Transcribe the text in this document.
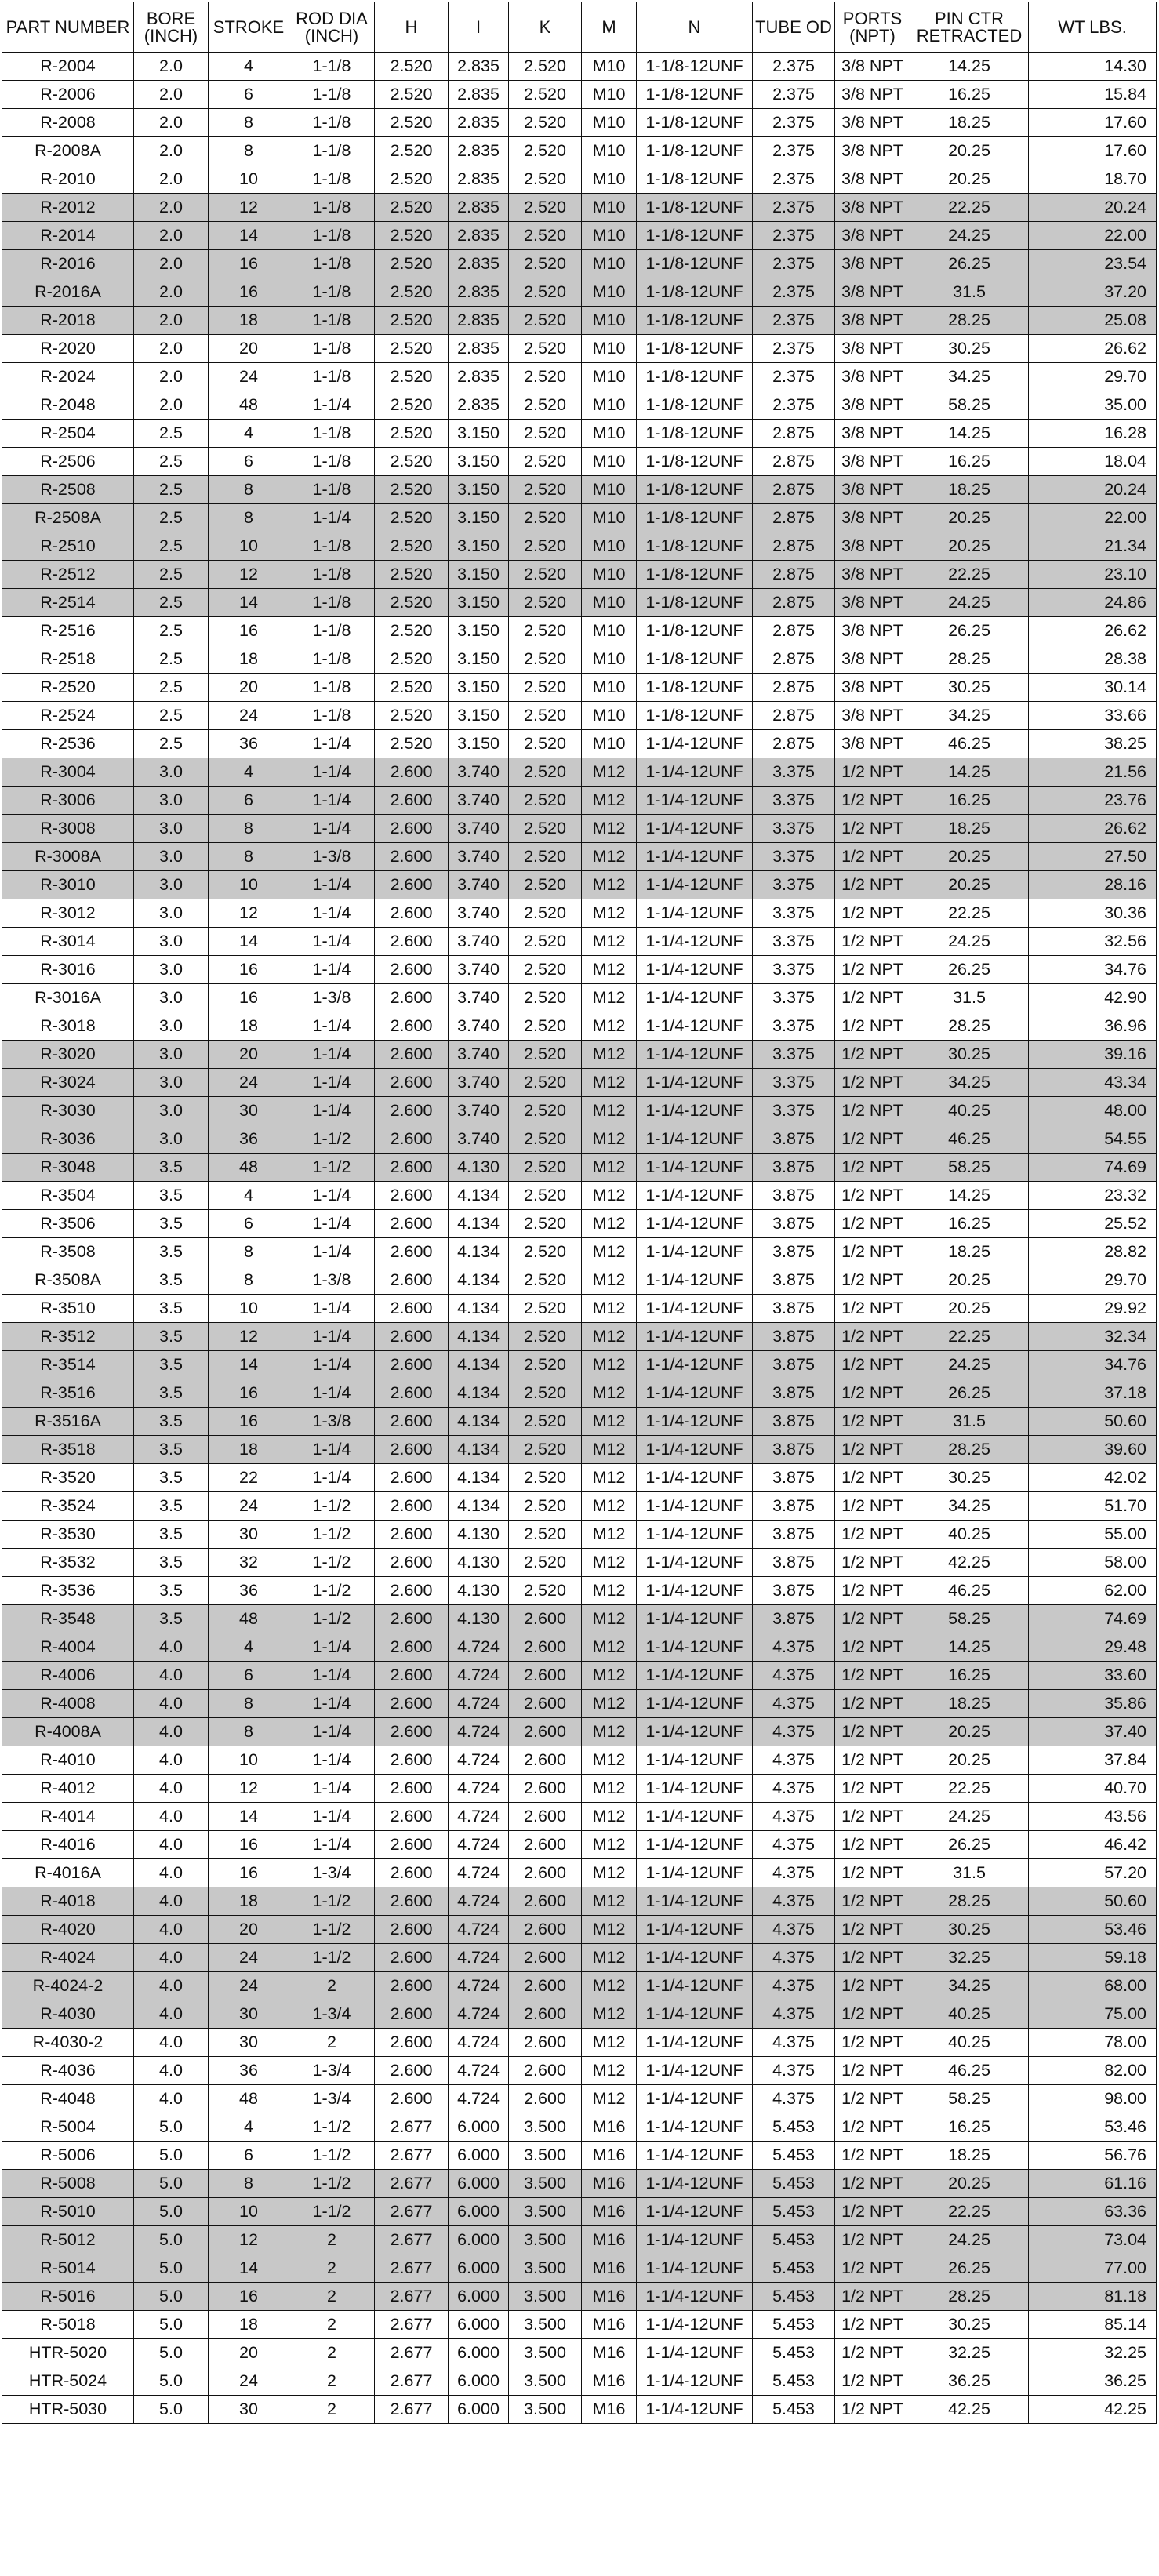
PART NUMBER	BORE (INCH)	STROKE	ROD DIA (INCH)	H	I	K	M	N	TUBE OD	PORTS (NPT)	PIN CTR RETRACTED	WT LBS.
R-2004	2.0	4	1-1/8	2.520	2.835	2.520	M10	1-1/8-12UNF	2.375	3/8 NPT	14.25	14.30
R-2006	2.0	6	1-1/8	2.520	2.835	2.520	M10	1-1/8-12UNF	2.375	3/8 NPT	16.25	15.84
R-2008	2.0	8	1-1/8	2.520	2.835	2.520	M10	1-1/8-12UNF	2.375	3/8 NPT	18.25	17.60
R-2008A	2.0	8	1-1/8	2.520	2.835	2.520	M10	1-1/8-12UNF	2.375	3/8 NPT	20.25	17.60
R-2010	2.0	10	1-1/8	2.520	2.835	2.520	M10	1-1/8-12UNF	2.375	3/8 NPT	20.25	18.70
R-2012	2.0	12	1-1/8	2.520	2.835	2.520	M10	1-1/8-12UNF	2.375	3/8 NPT	22.25	20.24
R-2014	2.0	14	1-1/8	2.520	2.835	2.520	M10	1-1/8-12UNF	2.375	3/8 NPT	24.25	22.00
R-2016	2.0	16	1-1/8	2.520	2.835	2.520	M10	1-1/8-12UNF	2.375	3/8 NPT	26.25	23.54
R-2016A	2.0	16	1-1/8	2.520	2.835	2.520	M10	1-1/8-12UNF	2.375	3/8 NPT	31.5	37.20
R-2018	2.0	18	1-1/8	2.520	2.835	2.520	M10	1-1/8-12UNF	2.375	3/8 NPT	28.25	25.08
R-2020	2.0	20	1-1/8	2.520	2.835	2.520	M10	1-1/8-12UNF	2.375	3/8 NPT	30.25	26.62
R-2024	2.0	24	1-1/8	2.520	2.835	2.520	M10	1-1/8-12UNF	2.375	3/8 NPT	34.25	29.70
R-2048	2.0	48	1-1/4	2.520	2.835	2.520	M10	1-1/8-12UNF	2.375	3/8 NPT	58.25	35.00
R-2504	2.5	4	1-1/8	2.520	3.150	2.520	M10	1-1/8-12UNF	2.875	3/8 NPT	14.25	16.28
R-2506	2.5	6	1-1/8	2.520	3.150	2.520	M10	1-1/8-12UNF	2.875	3/8 NPT	16.25	18.04
R-2508	2.5	8	1-1/8	2.520	3.150	2.520	M10	1-1/8-12UNF	2.875	3/8 NPT	18.25	20.24
R-2508A	2.5	8	1-1/4	2.520	3.150	2.520	M10	1-1/8-12UNF	2.875	3/8 NPT	20.25	22.00
R-2510	2.5	10	1-1/8	2.520	3.150	2.520	M10	1-1/8-12UNF	2.875	3/8 NPT	20.25	21.34
R-2512	2.5	12	1-1/8	2.520	3.150	2.520	M10	1-1/8-12UNF	2.875	3/8 NPT	22.25	23.10
R-2514	2.5	14	1-1/8	2.520	3.150	2.520	M10	1-1/8-12UNF	2.875	3/8 NPT	24.25	24.86
R-2516	2.5	16	1-1/8	2.520	3.150	2.520	M10	1-1/8-12UNF	2.875	3/8 NPT	26.25	26.62
R-2518	2.5	18	1-1/8	2.520	3.150	2.520	M10	1-1/8-12UNF	2.875	3/8 NPT	28.25	28.38
R-2520	2.5	20	1-1/8	2.520	3.150	2.520	M10	1-1/8-12UNF	2.875	3/8 NPT	30.25	30.14
R-2524	2.5	24	1-1/8	2.520	3.150	2.520	M10	1-1/8-12UNF	2.875	3/8 NPT	34.25	33.66
R-2536	2.5	36	1-1/4	2.520	3.150	2.520	M10	1-1/4-12UNF	2.875	3/8 NPT	46.25	38.25
R-3004	3.0	4	1-1/4	2.600	3.740	2.520	M12	1-1/4-12UNF	3.375	1/2 NPT	14.25	21.56
R-3006	3.0	6	1-1/4	2.600	3.740	2.520	M12	1-1/4-12UNF	3.375	1/2 NPT	16.25	23.76
R-3008	3.0	8	1-1/4	2.600	3.740	2.520	M12	1-1/4-12UNF	3.375	1/2 NPT	18.25	26.62
R-3008A	3.0	8	1-3/8	2.600	3.740	2.520	M12	1-1/4-12UNF	3.375	1/2 NPT	20.25	27.50
R-3010	3.0	10	1-1/4	2.600	3.740	2.520	M12	1-1/4-12UNF	3.375	1/2 NPT	20.25	28.16
R-3012	3.0	12	1-1/4	2.600	3.740	2.520	M12	1-1/4-12UNF	3.375	1/2 NPT	22.25	30.36
R-3014	3.0	14	1-1/4	2.600	3.740	2.520	M12	1-1/4-12UNF	3.375	1/2 NPT	24.25	32.56
R-3016	3.0	16	1-1/4	2.600	3.740	2.520	M12	1-1/4-12UNF	3.375	1/2 NPT	26.25	34.76
R-3016A	3.0	16	1-3/8	2.600	3.740	2.520	M12	1-1/4-12UNF	3.375	1/2 NPT	31.5	42.90
R-3018	3.0	18	1-1/4	2.600	3.740	2.520	M12	1-1/4-12UNF	3.375	1/2 NPT	28.25	36.96
R-3020	3.0	20	1-1/4	2.600	3.740	2.520	M12	1-1/4-12UNF	3.375	1/2 NPT	30.25	39.16
R-3024	3.0	24	1-1/4	2.600	3.740	2.520	M12	1-1/4-12UNF	3.375	1/2 NPT	34.25	43.34
R-3030	3.0	30	1-1/4	2.600	3.740	2.520	M12	1-1/4-12UNF	3.375	1/2 NPT	40.25	48.00
R-3036	3.0	36	1-1/2	2.600	3.740	2.520	M12	1-1/4-12UNF	3.875	1/2 NPT	46.25	54.55
R-3048	3.5	48	1-1/2	2.600	4.130	2.520	M12	1-1/4-12UNF	3.875	1/2 NPT	58.25	74.69
R-3504	3.5	4	1-1/4	2.600	4.134	2.520	M12	1-1/4-12UNF	3.875	1/2 NPT	14.25	23.32
R-3506	3.5	6	1-1/4	2.600	4.134	2.520	M12	1-1/4-12UNF	3.875	1/2 NPT	16.25	25.52
R-3508	3.5	8	1-1/4	2.600	4.134	2.520	M12	1-1/4-12UNF	3.875	1/2 NPT	18.25	28.82
R-3508A	3.5	8	1-3/8	2.600	4.134	2.520	M12	1-1/4-12UNF	3.875	1/2 NPT	20.25	29.70
R-3510	3.5	10	1-1/4	2.600	4.134	2.520	M12	1-1/4-12UNF	3.875	1/2 NPT	20.25	29.92
R-3512	3.5	12	1-1/4	2.600	4.134	2.520	M12	1-1/4-12UNF	3.875	1/2 NPT	22.25	32.34
R-3514	3.5	14	1-1/4	2.600	4.134	2.520	M12	1-1/4-12UNF	3.875	1/2 NPT	24.25	34.76
R-3516	3.5	16	1-1/4	2.600	4.134	2.520	M12	1-1/4-12UNF	3.875	1/2 NPT	26.25	37.18
R-3516A	3.5	16	1-3/8	2.600	4.134	2.520	M12	1-1/4-12UNF	3.875	1/2 NPT	31.5	50.60
R-3518	3.5	18	1-1/4	2.600	4.134	2.520	M12	1-1/4-12UNF	3.875	1/2 NPT	28.25	39.60
R-3520	3.5	22	1-1/4	2.600	4.134	2.520	M12	1-1/4-12UNF	3.875	1/2 NPT	30.25	42.02
R-3524	3.5	24	1-1/2	2.600	4.134	2.520	M12	1-1/4-12UNF	3.875	1/2 NPT	34.25	51.70
R-3530	3.5	30	1-1/2	2.600	4.130	2.520	M12	1-1/4-12UNF	3.875	1/2 NPT	40.25	55.00
R-3532	3.5	32	1-1/2	2.600	4.130	2.520	M12	1-1/4-12UNF	3.875	1/2 NPT	42.25	58.00
R-3536	3.5	36	1-1/2	2.600	4.130	2.520	M12	1-1/4-12UNF	3.875	1/2 NPT	46.25	62.00
R-3548	3.5	48	1-1/2	2.600	4.130	2.600	M12	1-1/4-12UNF	3.875	1/2 NPT	58.25	74.69
R-4004	4.0	4	1-1/4	2.600	4.724	2.600	M12	1-1/4-12UNF	4.375	1/2 NPT	14.25	29.48
R-4006	4.0	6	1-1/4	2.600	4.724	2.600	M12	1-1/4-12UNF	4.375	1/2 NPT	16.25	33.60
R-4008	4.0	8	1-1/4	2.600	4.724	2.600	M12	1-1/4-12UNF	4.375	1/2 NPT	18.25	35.86
R-4008A	4.0	8	1-1/4	2.600	4.724	2.600	M12	1-1/4-12UNF	4.375	1/2 NPT	20.25	37.40
R-4010	4.0	10	1-1/4	2.600	4.724	2.600	M12	1-1/4-12UNF	4.375	1/2 NPT	20.25	37.84
R-4012	4.0	12	1-1/4	2.600	4.724	2.600	M12	1-1/4-12UNF	4.375	1/2 NPT	22.25	40.70
R-4014	4.0	14	1-1/4	2.600	4.724	2.600	M12	1-1/4-12UNF	4.375	1/2 NPT	24.25	43.56
R-4016	4.0	16	1-1/4	2.600	4.724	2.600	M12	1-1/4-12UNF	4.375	1/2 NPT	26.25	46.42
R-4016A	4.0	16	1-3/4	2.600	4.724	2.600	M12	1-1/4-12UNF	4.375	1/2 NPT	31.5	57.20
R-4018	4.0	18	1-1/2	2.600	4.724	2.600	M12	1-1/4-12UNF	4.375	1/2 NPT	28.25	50.60
R-4020	4.0	20	1-1/2	2.600	4.724	2.600	M12	1-1/4-12UNF	4.375	1/2 NPT	30.25	53.46
R-4024	4.0	24	1-1/2	2.600	4.724	2.600	M12	1-1/4-12UNF	4.375	1/2 NPT	32.25	59.18
R-4024-2	4.0	24	2	2.600	4.724	2.600	M12	1-1/4-12UNF	4.375	1/2 NPT	34.25	68.00
R-4030	4.0	30	1-3/4	2.600	4.724	2.600	M12	1-1/4-12UNF	4.375	1/2 NPT	40.25	75.00
R-4030-2	4.0	30	2	2.600	4.724	2.600	M12	1-1/4-12UNF	4.375	1/2 NPT	40.25	78.00
R-4036	4.0	36	1-3/4	2.600	4.724	2.600	M12	1-1/4-12UNF	4.375	1/2 NPT	46.25	82.00
R-4048	4.0	48	1-3/4	2.600	4.724	2.600	M12	1-1/4-12UNF	4.375	1/2 NPT	58.25	98.00
R-5004	5.0	4	1-1/2	2.677	6.000	3.500	M16	1-1/4-12UNF	5.453	1/2 NPT	16.25	53.46
R-5006	5.0	6	1-1/2	2.677	6.000	3.500	M16	1-1/4-12UNF	5.453	1/2 NPT	18.25	56.76
R-5008	5.0	8	1-1/2	2.677	6.000	3.500	M16	1-1/4-12UNF	5.453	1/2 NPT	20.25	61.16
R-5010	5.0	10	1-1/2	2.677	6.000	3.500	M16	1-1/4-12UNF	5.453	1/2 NPT	22.25	63.36
R-5012	5.0	12	2	2.677	6.000	3.500	M16	1-1/4-12UNF	5.453	1/2 NPT	24.25	73.04
R-5014	5.0	14	2	2.677	6.000	3.500	M16	1-1/4-12UNF	5.453	1/2 NPT	26.25	77.00
R-5016	5.0	16	2	2.677	6.000	3.500	M16	1-1/4-12UNF	5.453	1/2 NPT	28.25	81.18
R-5018	5.0	18	2	2.677	6.000	3.500	M16	1-1/4-12UNF	5.453	1/2 NPT	30.25	85.14
HTR-5020	5.0	20	2	2.677	6.000	3.500	M16	1-1/4-12UNF	5.453	1/2 NPT	32.25	32.25
HTR-5024	5.0	24	2	2.677	6.000	3.500	M16	1-1/4-12UNF	5.453	1/2 NPT	36.25	36.25
HTR-5030	5.0	30	2	2.677	6.000	3.500	M16	1-1/4-12UNF	5.453	1/2 NPT	42.25	42.25
